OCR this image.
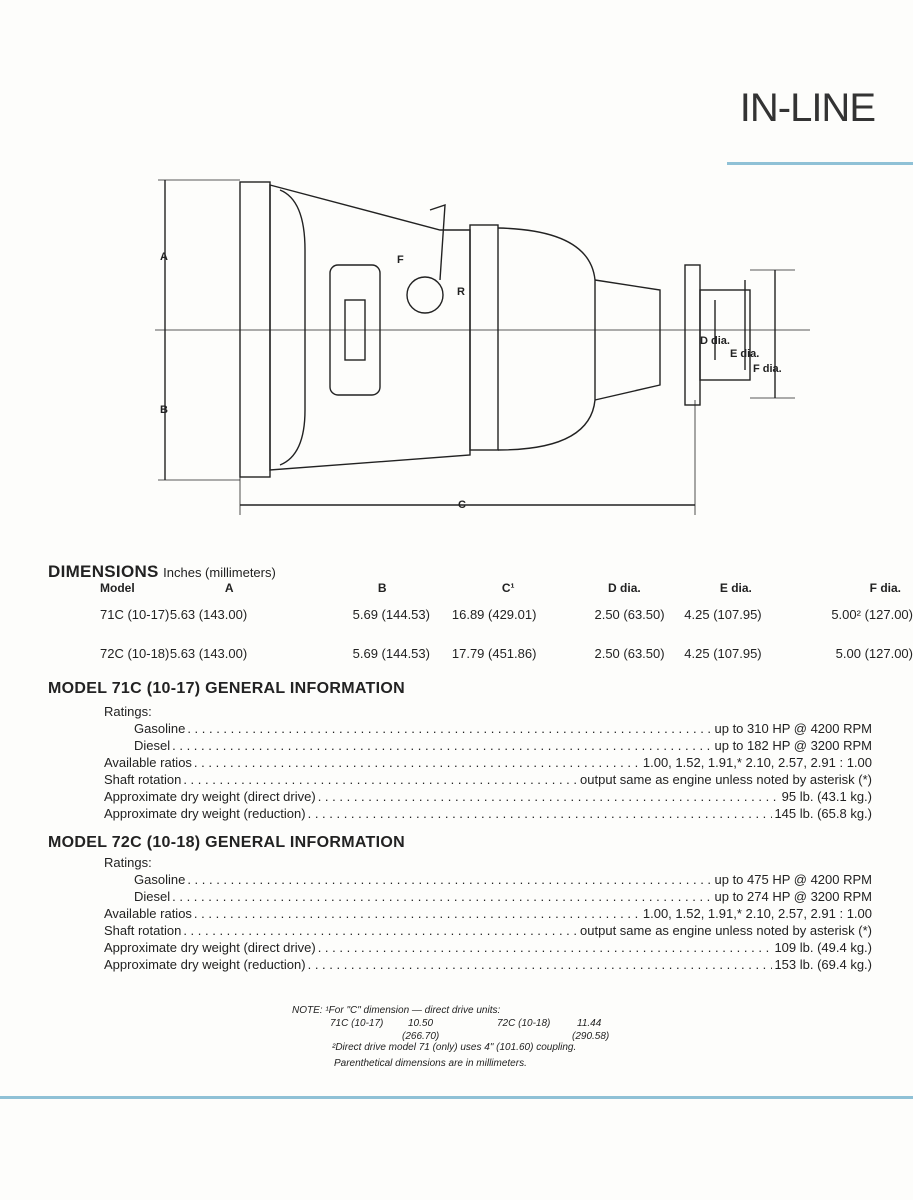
IN-LINE
A
B
C
D dia.
E dia.
F dia.
F
R
DIMENSIONS Inches (millimeters)
Model	A	B	C¹	D dia.	E dia.	F dia.
71C (10-17)	5.63 (143.00)	5.69 (144.53)	16.89 (429.01)	2.50 (63.50)	4.25 (107.95)	5.00² (127.00)
72C (10-18)	5.63 (143.00)	5.69 (144.53)	17.79 (451.86)	2.50 (63.50)	4.25 (107.95)	5.00 (127.00)
MODEL 71C (10-17) GENERAL INFORMATION
Ratings:
Gasoline . . .	up to 310 HP @ 4200 RPM
Diesel . . .	up to 182 HP @ 3200 RPM
Available ratios . . .	1.00, 1.52, 1.91,* 2.10, 2.57, 2.91 : 1.00
Shaft rotation . . .	output same as engine unless noted by asterisk (*)
Approximate dry weight (direct drive) . . .	95 lb. (43.1 kg.)
Approximate dry weight (reduction) . . .	145 lb. (65.8 kg.)
MODEL 72C (10-18) GENERAL INFORMATION
Ratings:
Gasoline . . .	up to 475 HP @ 4200 RPM
Diesel . . .	up to 274 HP @ 3200 RPM
Available ratios . . .	1.00, 1.52, 1.91,* 2.10, 2.57, 2.91 : 1.00
Shaft rotation . . .	output same as engine unless noted by asterisk (*)
Approximate dry weight (direct drive) . . .	109 lb. (49.4 kg.)
Approximate dry weight (reduction) . . .	153 lb. (69.4 kg.)
NOTE: ¹For "C" dimension — direct drive units:
71C (10-17) 10.50
(266.70)
72C (10-18)	11.44
(290.58)
²Direct drive model 71 (only) uses 4" (101.60) coupling.
Parenthetical dimensions are in millimeters.
